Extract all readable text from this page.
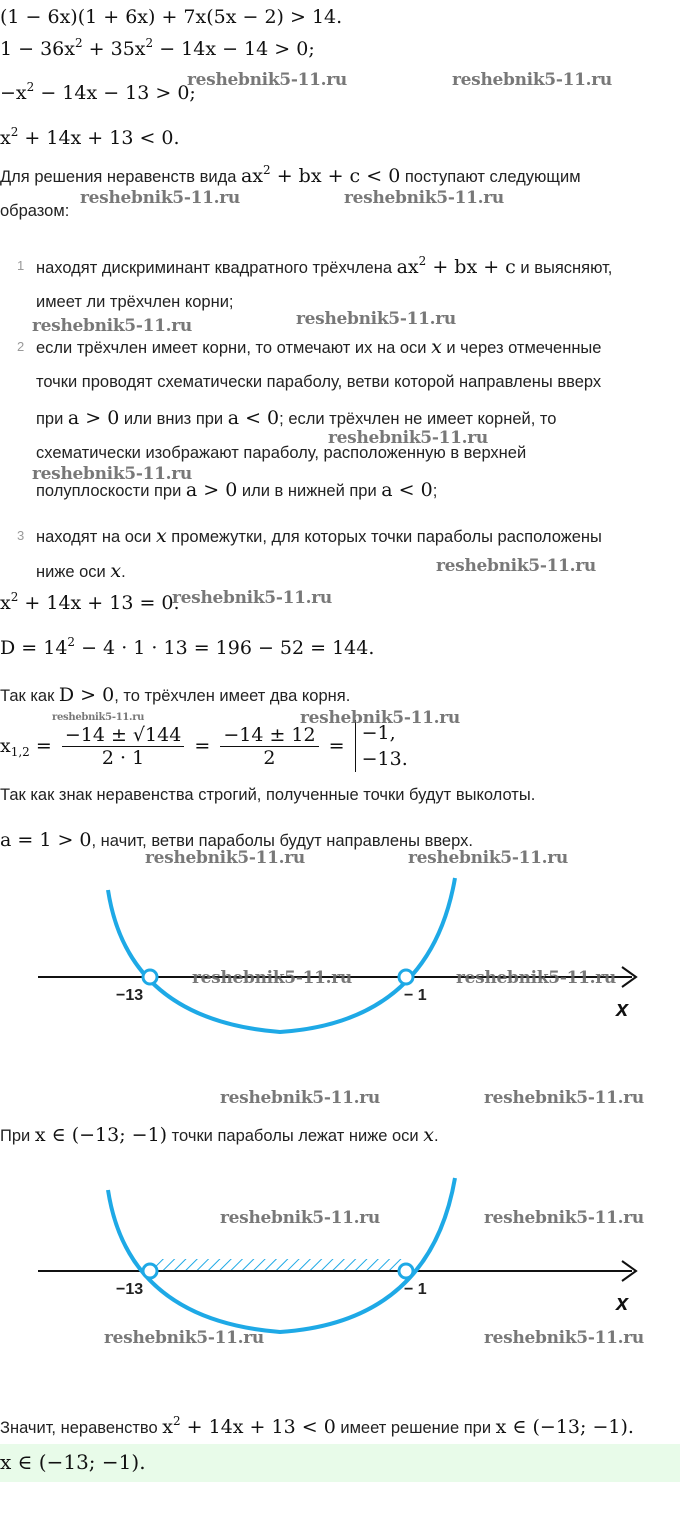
(1 − 6x)(1 + 6x) + 7x(5x − 2) > 14.
$1 - 36x^2 + 35x^2 - 14x - 14 > 0$;
$-x^2 - 14x - 13 > 0$;
$x^2 + 14x + 13 < 0$.
Для решения неравенств вида $ax^2$ + bx + c < 0 поступают следующим
образом:
1 находят дискриминант квадратного трёхчлена $ax^2$ + bx + c и выясняют,
имеет ли трёхчлен корни;
2 если трёхчлен имеет корни, то отмечают их на оси x и через отмеченные
точки проводят схематически параболу, ветви которой направлены вверх
при a > 0 или вниз при a < 0; если трёхчлен не имеет корней, то
схематически изображают параболу, расположенную в верхней
полуплоскости при a > 0 или в нижней при a < 0;
3 находят на оси x промежутки, для которых точки параболы расположены
ниже оси x.
$x^2 + 14x + 13 = 0$.
$D = 14^2 - 4 \cdot 1 \cdot 13 = 196 - 52 = 144$.
Так как D > 0, то трёхчлен имеет два корня.
$x_{1,2} = \frac{-14 \pm √144}{2 \cdot 1} = \frac{-14 \pm 12}{2}$ =
−1,
−13.
Так как знак неравенства строгий, полученные точки будут выколоты.
a = 1 > 0, начит, ветви параболы будут направлены вверх.
−13	− 1
x
При x ∈ (−13; −1) точки параболы лежат ниже оси x.
−13	− 1
x
Значит, неравенство $x^2 + 14x + 13 < 0$ имеет решение при x ∈ (−13; −1).
x ∈ (−13; −1).
reshebnik5-11.ru	reshebnik5-11.ru
reshebnik5-11.ru	reshebnik5-11.ru
reshebnik5-11.ru	reshebnik5-11.ru
reshebnik5-11.ru
reshebnik5-11.ru
reshebnik5-11.ru
reshebnik5-11.ru
reshebnik5-11.ru	reshebnik5-11.ru
reshebnik5-11.ru	reshebnik5-11.ru
reshebnik5-11.ru	reshebnik5-11.ru
reshebnik5-11.ru	reshebnik5-11.ru
reshebnik5-11.ru	reshebnik5-11.ru
reshebnik5-11.ru	reshebnik5-11.ru
